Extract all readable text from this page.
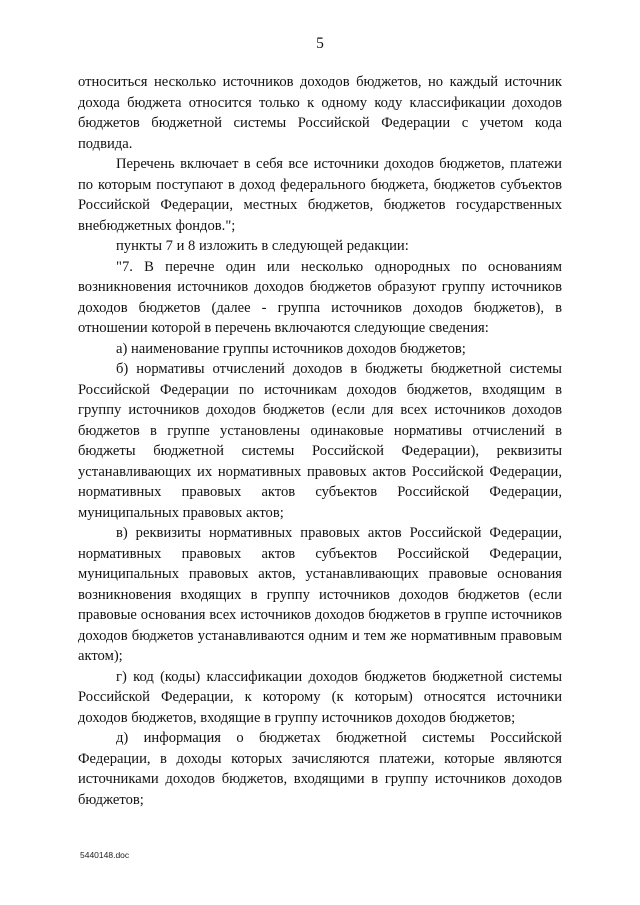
5

относиться несколько источников доходов бюджетов, но каждый источник дохода бюджета относится только к одному коду классификации доходов бюджетов бюджетной системы Российской Федерации с учетом кода подвида.

Перечень включает в себя все источники доходов бюджетов, платежи по которым поступают в доход федерального бюджета, бюджетов субъектов Российской Федерации, местных бюджетов, бюджетов государственных внебюджетных фондов.";

пункты 7 и 8 изложить в следующей редакции:

"7. В перечне один или несколько однородных по основаниям возникновения источников доходов бюджетов образуют группу источников доходов бюджетов (далее - группа источников доходов бюджетов), в отношении которой в перечень включаются следующие сведения:

а) наименование группы источников доходов бюджетов;

б) нормативы отчислений доходов в бюджеты бюджетной системы Российской Федерации по источникам доходов бюджетов, входящим в группу источников доходов бюджетов (если для всех источников доходов бюджетов в группе установлены одинаковые нормативы отчислений в бюджеты бюджетной системы Российской Федерации), реквизиты устанавливающих их нормативных правовых актов Российской Федерации, нормативных правовых актов субъектов Российской Федерации, муниципальных правовых актов;

в) реквизиты нормативных правовых актов Российской Федерации, нормативных правовых актов субъектов Российской Федерации, муниципальных правовых актов, устанавливающих правовые основания возникновения входящих в группу источников доходов бюджетов (если правовые основания всех источников доходов бюджетов в группе источников доходов бюджетов устанавливаются одним и тем же нормативным правовым актом);

г) код (коды) классификации доходов бюджетов бюджетной системы Российской Федерации, к которому (к которым) относятся источники доходов бюджетов, входящие в группу источников доходов бюджетов;

д) информация о бюджетах бюджетной системы Российской Федерации, в доходы которых зачисляются платежи, которые являются источниками доходов бюджетов, входящими в группу источников доходов бюджетов;

5440148.doc
